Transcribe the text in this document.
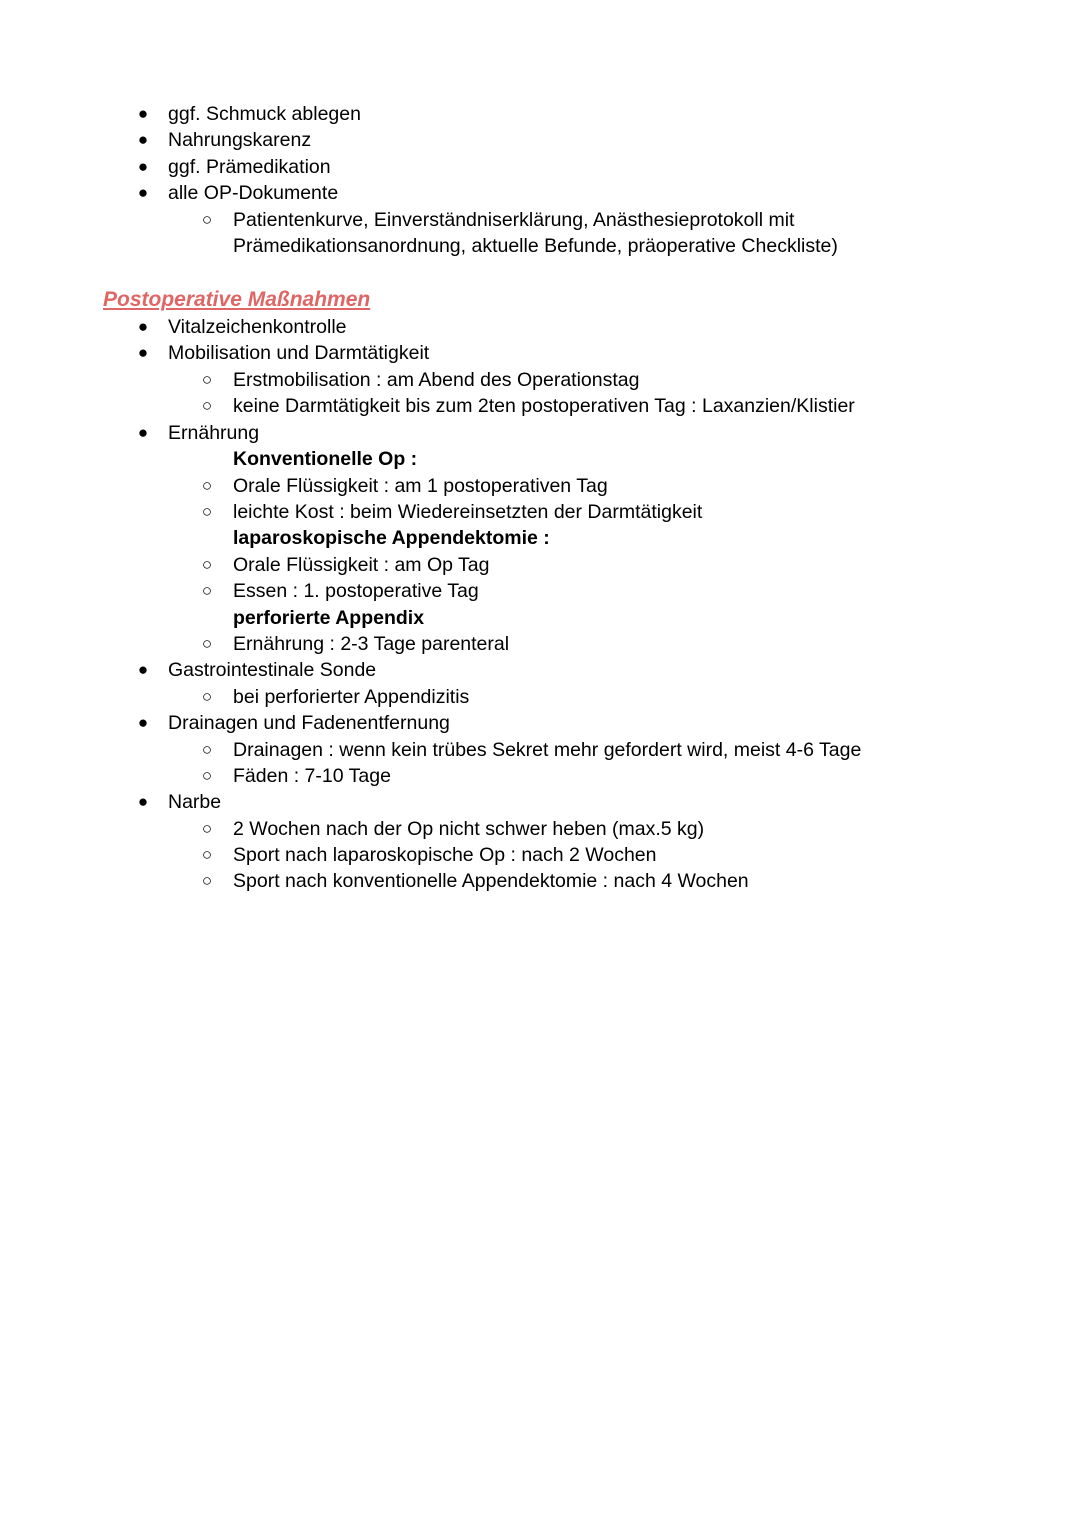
● ggf. Schmuck ablegen
● Nahrungskarenz
● ggf. Prämedikation
● alle OP-Dokumente
○ Patientenkurve, Einverständniserklärung, Anästhesieprotokoll mit
Prämedikationsanordnung, aktuelle Befunde, präoperative Checkliste)
Postoperative Maßnahmen
● Vitalzeichenkontrolle
● Mobilisation und Darmtätigkeit
○ Erstmobilisation : am Abend des Operationstag
○ keine Darmtätigkeit bis zum 2ten postoperativen Tag : Laxanzien/Klistier
● Ernährung
Konventionelle Op :
○ Orale Flüssigkeit : am 1 postoperativen Tag
○ leichte Kost : beim Wiedereinsetzten der Darmtätigkeit
laparoskopische Appendektomie :
○ Orale Flüssigkeit : am Op Tag
○ Essen : 1. postoperative Tag
perforierte Appendix
○ Ernährung : 2-3 Tage parenteral
● Gastrointestinale Sonde
○ bei perforierter Appendizitis
● Drainagen und Fadenentfernung
○ Drainagen : wenn kein trübes Sekret mehr gefordert wird, meist 4-6 Tage
○ Fäden : 7-10 Tage
● Narbe
○ 2 Wochen nach der Op nicht schwer heben (max.5 kg)
○ Sport nach laparoskopische Op : nach 2 Wochen
○ Sport nach konventionelle Appendektomie : nach 4 Wochen
